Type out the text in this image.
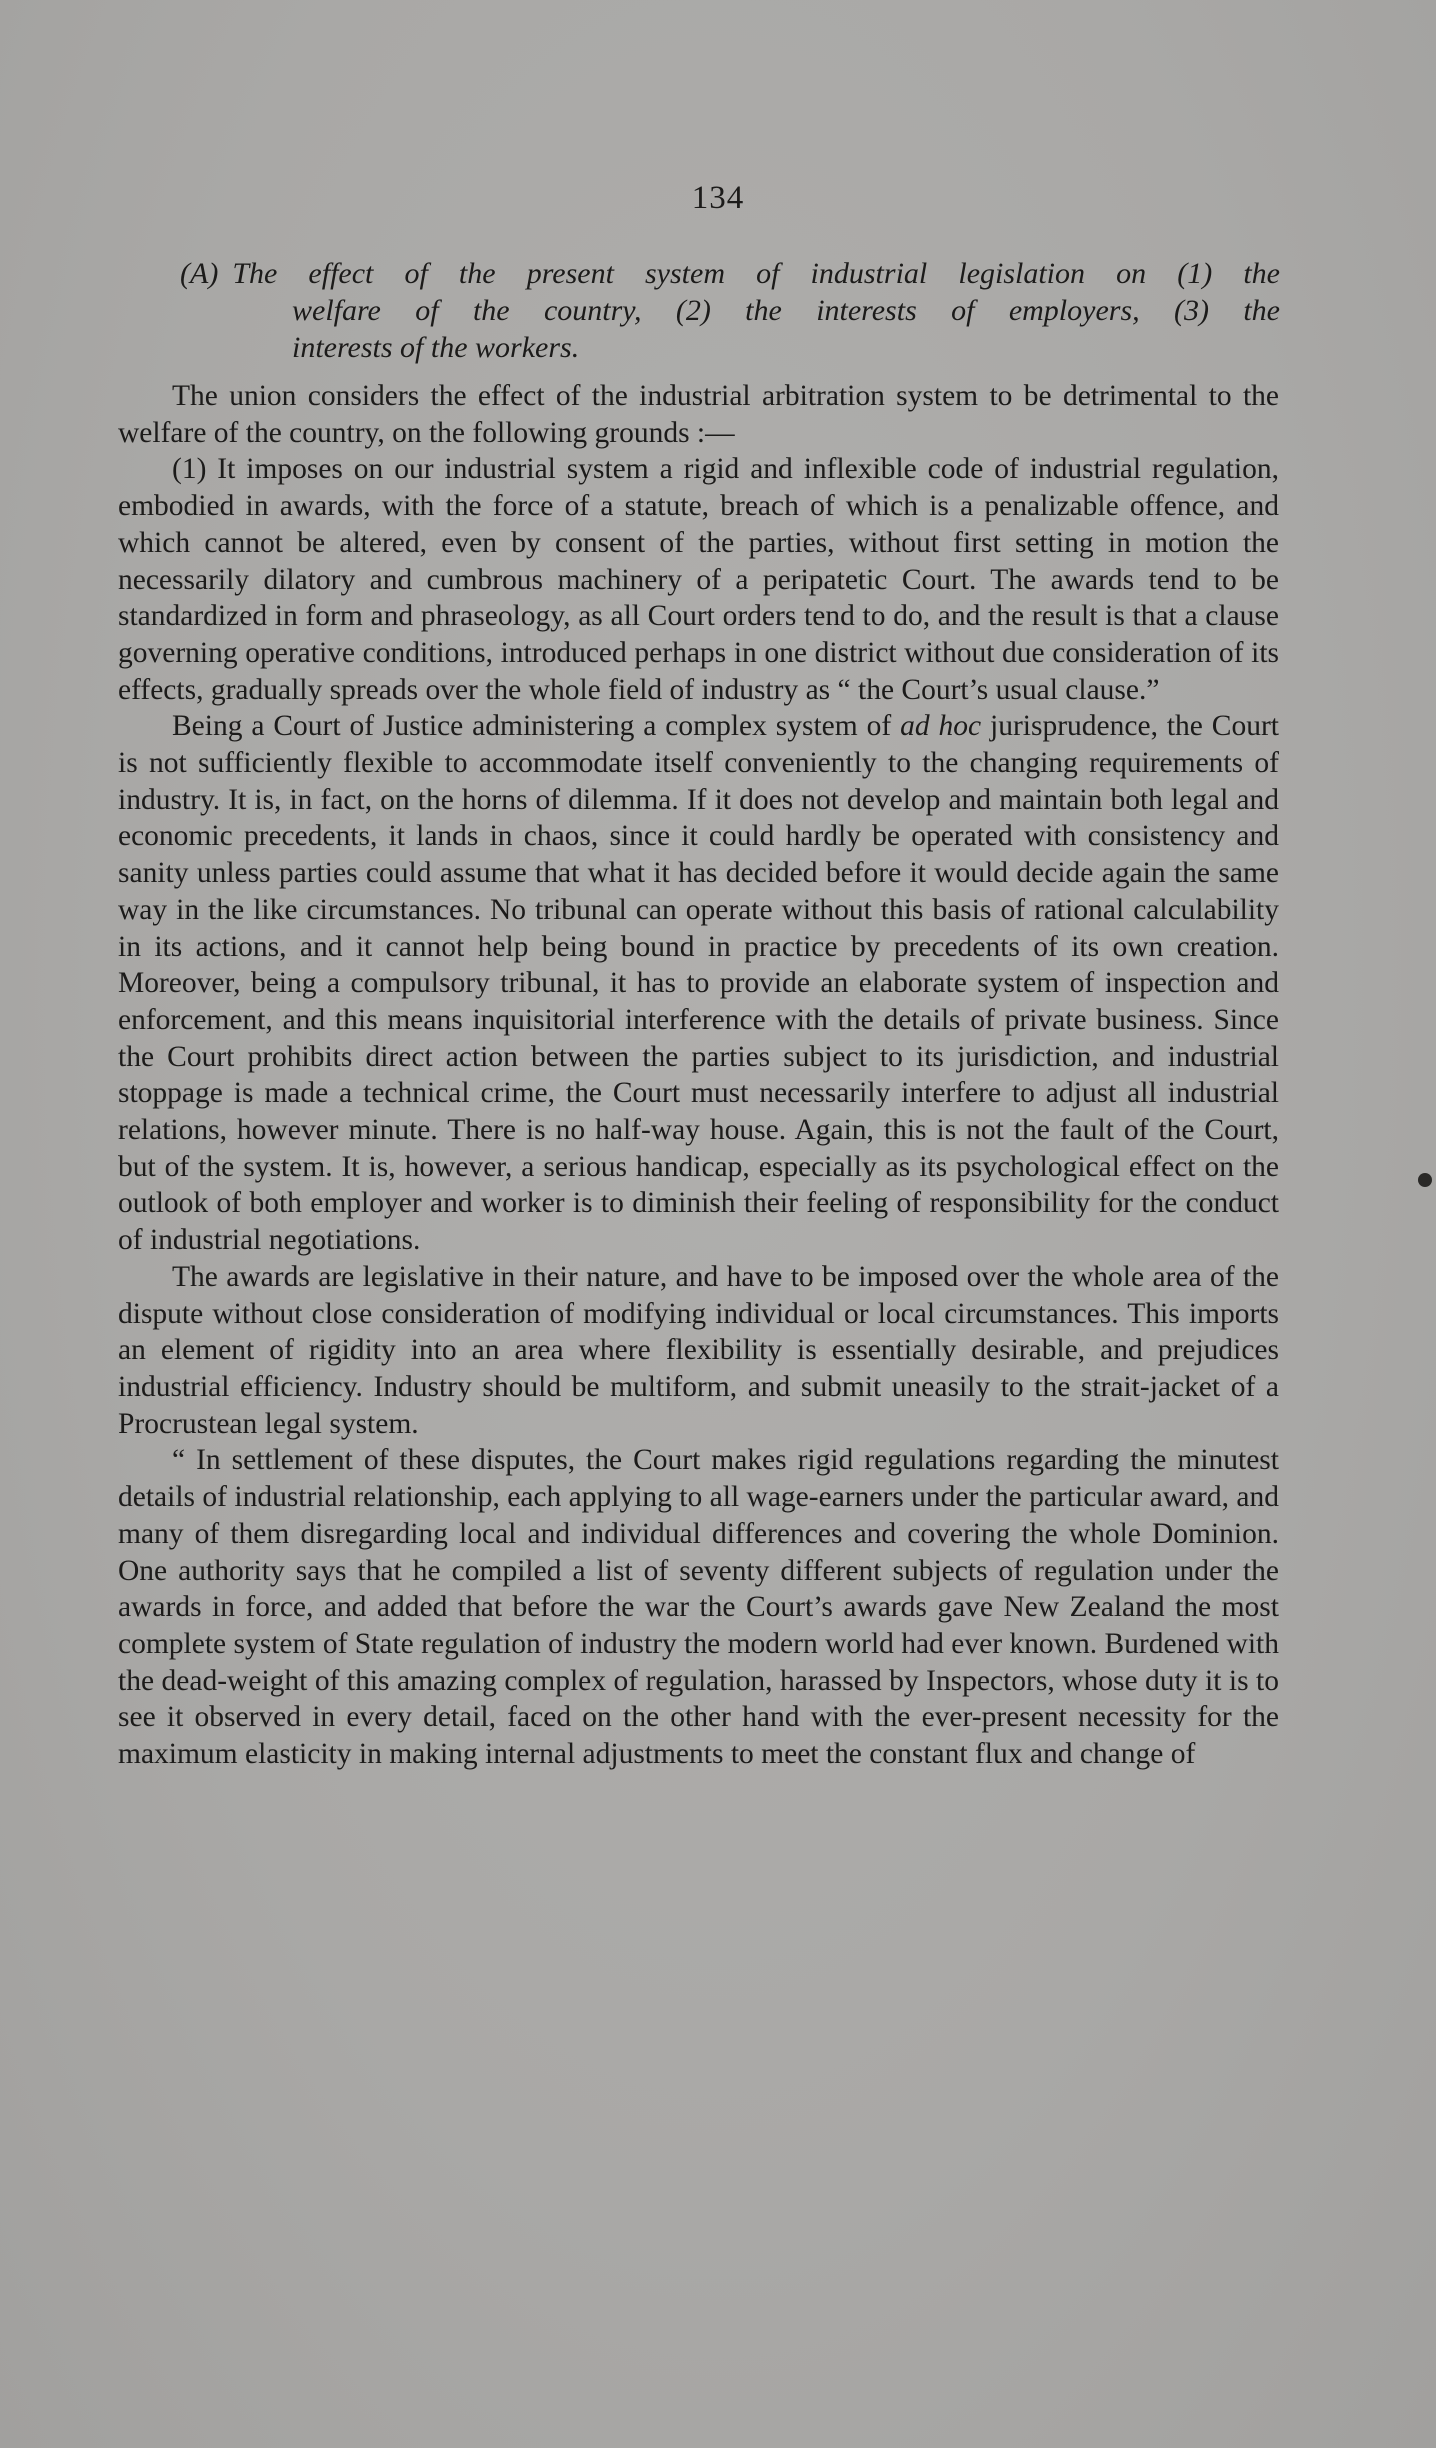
134
(A) The effect of the present system of industrial legislation on (1) the
welfare of the country, (2) the interests of employers, (3) the
interests of the workers.

The union considers the effect of the industrial arbitration system to be detrimental to the welfare of the country, on the following grounds :—

(1) It imposes on our industrial system a rigid and inflexible code of industrial regulation, embodied in awards, with the force of a statute, breach of which is a penalizable offence, and which cannot be altered, even by consent of the parties, without first setting in motion the necessarily dilatory and cumbrous machinery of a peripatetic Court. The awards tend to be standardized in form and phraseology, as all Court orders tend to do, and the result is that a clause governing operative conditions, introduced perhaps in one district without due consideration of its effects, gradually spreads over the whole field of industry as “ the Court’s usual clause.”

Being a Court of Justice administering a complex system of ad hoc jurisprudence, the Court is not sufficiently flexible to accommodate itself conveniently to the changing requirements of industry. It is, in fact, on the horns of dilemma. If it does not develop and maintain both legal and economic precedents, it lands in chaos, since it could hardly be operated with consistency and sanity unless parties could assume that what it has decided before it would decide again the same way in the like circumstances. No tribunal can operate without this basis of rational calculability in its actions, and it cannot help being bound in practice by precedents of its own creation. Moreover, being a compulsory tribunal, it has to provide an elaborate system of inspection and enforcement, and this means inquisitorial interference with the details of private business. Since the Court prohibits direct action between the parties subject to its jurisdiction, and industrial stoppage is made a technical crime, the Court must necessarily interfere to adjust all industrial relations, however minute. There is no half-way house. Again, this is not the fault of the Court, but of the system. It is, however, a serious handicap, especially as its psychological effect on the outlook of both employer and worker is to diminish their feeling of responsibility for the conduct of industrial negotiations.

The awards are legislative in their nature, and have to be imposed over the whole area of the dispute without close consideration of modifying individual or local circumstances. This imports an element of rigidity into an area where flexibility is essentially desirable, and prejudices industrial efficiency. Industry should be multiform, and submit uneasily to the strait-jacket of a Procrustean legal system.

“ In settlement of these disputes, the Court makes rigid regulations regarding the minutest details of industrial relationship, each applying to all wage-earners under the particular award, and many of them disregarding local and individual differences and covering the whole Dominion. One authority says that he compiled a list of seventy different subjects of regulation under the awards in force, and added that before the war the Court’s awards gave New Zealand the most complete system of State regulation of industry the modern world had ever known. Burdened with the dead-weight of this amazing complex of regulation, harassed by Inspectors, whose duty it is to see it observed in every detail, faced on the other hand with the ever-present necessity for the maximum elasticity in making internal adjustments to meet the constant flux and change of
